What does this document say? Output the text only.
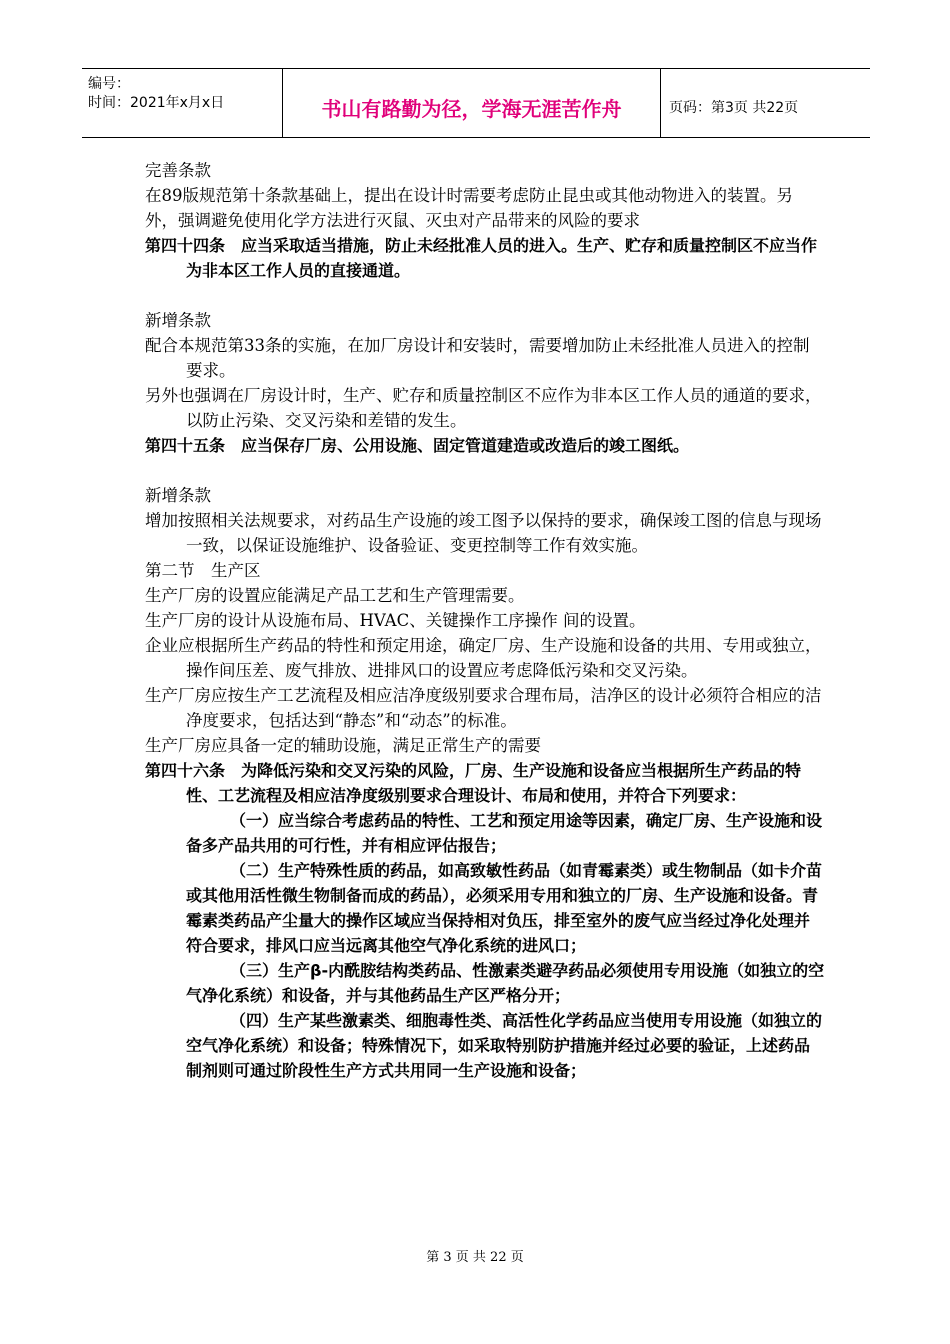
编号：
时间：2021年x月x日	书山有路勤为径，学海无涯苦作舟	页码：第3页 共22页

完善条款

在89版规范第十条款基础上，提出在设计时需要考虑防止昆虫或其他动物进入的装置。另外，强调避免使用化学方法进行灭鼠、灭虫对产品带来的风险的要求

第四十四条　应当采取适当措施，防止未经批准人员的进入。生产、贮存和质量控制区不应当作为非本区工作人员的直接通道。

新增条款

配合本规范第33条的实施，在加厂房设计和安装时，需要增加防止未经批准人员进入的控制要求。

另外也强调在厂房设计时，生产、贮存和质量控制区不应作为非本区工作人员的通道的要求，以防止污染、交叉污染和差错的发生。

第四十五条　应当保存厂房、公用设施、固定管道建造或改造后的竣工图纸。

新增条款

增加按照相关法规要求，对药品生产设施的竣工图予以保持的要求，确保竣工图的信息与现场一致，以保证设施维护、设备验证、变更控制等工作有效实施。

第二节　生产区

生产厂房的设置应能满足产品工艺和生产管理需要。

生产厂房的设计从设施布局、HVAC、关键操作工序操作 间的设置。

企业应根据所生产药品的特性和预定用途，确定厂房、生产设施和设备的共用、专用或独立，操作间压差、废气排放、进排风口的设置应考虑降低污染和交叉污染。

生产厂房应按生产工艺流程及相应洁净度级别要求合理布局，洁净区的设计必须符合相应的洁净度要求，包括达到“静态”和“动态”的标准。

生产厂房应具备一定的辅助设施，满足正常生产的需要

第四十六条　为降低污染和交叉污染的风险，厂房、生产设施和设备应当根据所生产药品的特性、工艺流程及相应洁净度级别要求合理设计、布局和使用，并符合下列要求：

（一）应当综合考虑药品的特性、工艺和预定用途等因素，确定厂房、生产设施和设备多产品共用的可行性，并有相应评估报告；

（二）生产特殊性质的药品，如高致敏性药品（如青霉素类）或生物制品（如卡介苗或其他用活性微生物制备而成的药品），必须采用专用和独立的厂房、生产设施和设备。青霉素类药品产尘量大的操作区域应当保持相对负压，排至室外的废气应当经过净化处理并符合要求，排风口应当远离其他空气净化系统的进风口；

（三）生产β-内酰胺结构类药品、性激素类避孕药品必须使用专用设施（如独立的空气净化系统）和设备，并与其他药品生产区严格分开；

（四）生产某些激素类、细胞毒性类、高活性化学药品应当使用专用设施（如独立的空气净化系统）和设备；特殊情况下，如采取特别防护措施并经过必要的验证，上述药品制剂则可通过阶段性生产方式共用同一生产设施和设备；

第 3 页 共 22 页
